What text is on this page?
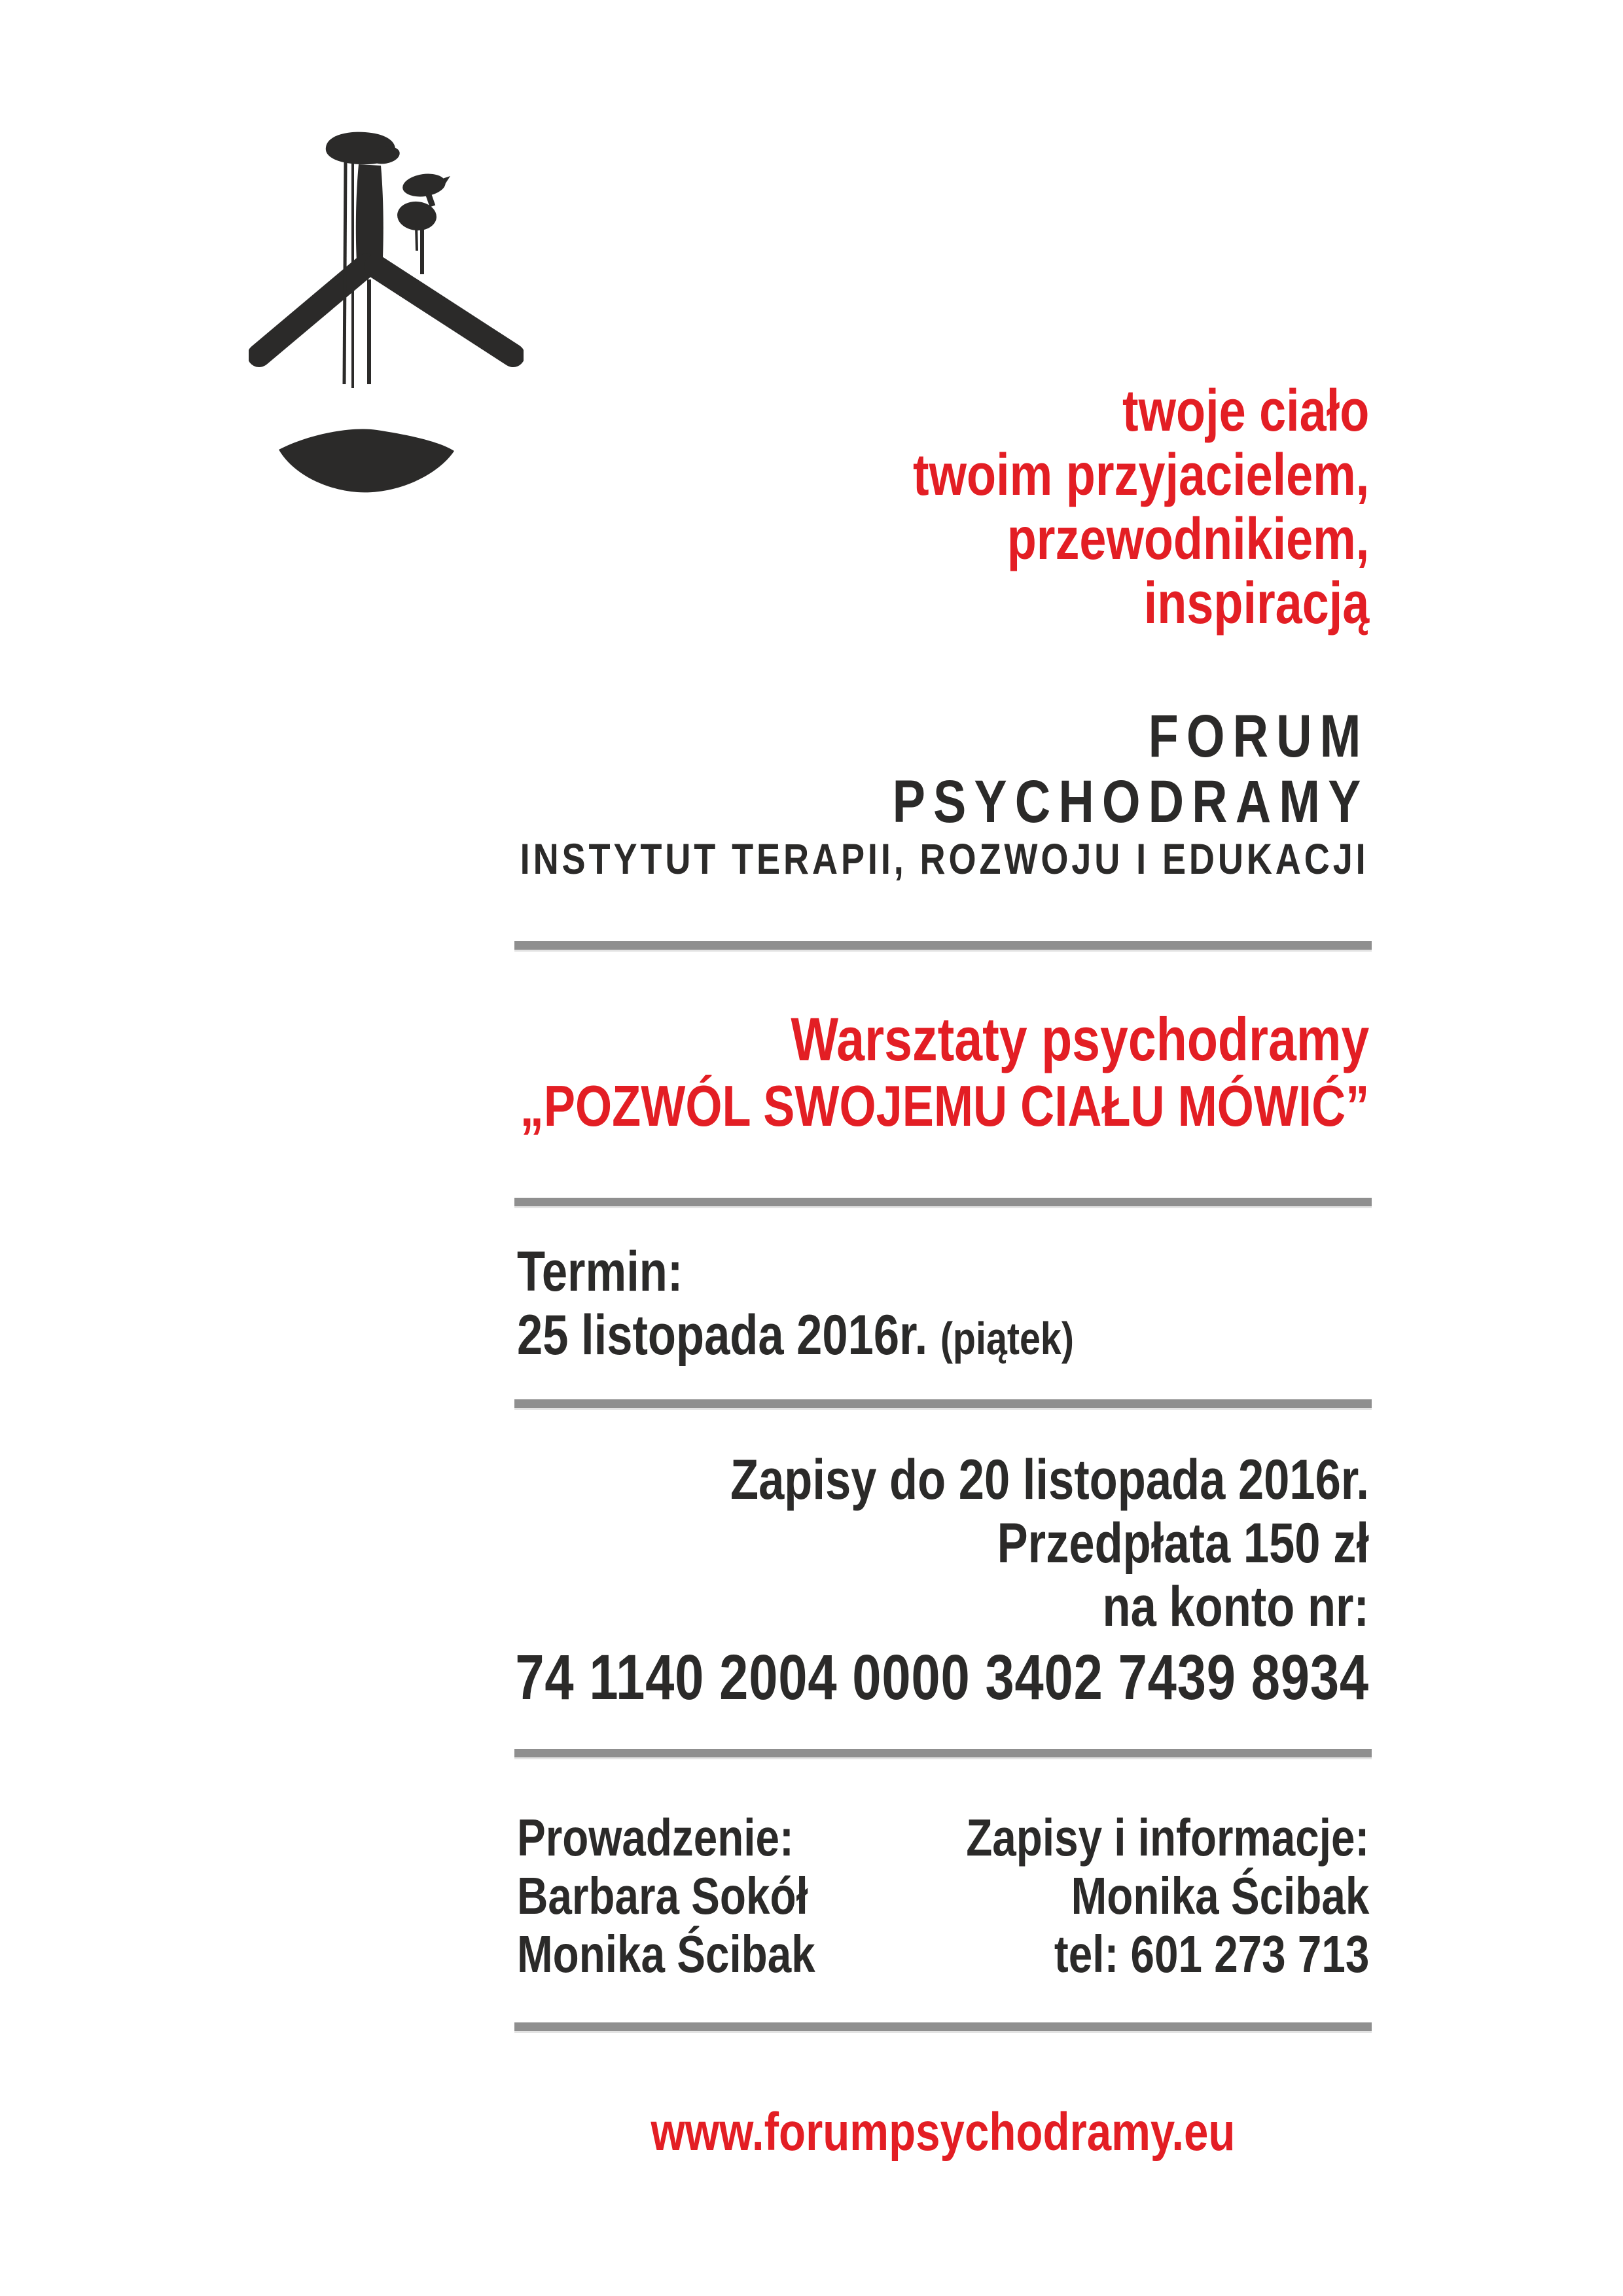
twoje ciało
twoim przyjacielem,
przewodnikiem,
inspiracją
FORUM
PSYCHODRAMY
INSTYTUT TERAPII, ROZWOJU I EDUKACJI
Warsztaty psychodramy
„POZWÓL SWOJEMU CIAŁU MÓWIĆ”
Termin:
25 listopada 2016r. (piątek)
Zapisy do 20 listopada 2016r.
Przedpłata 150 zł
na konto nr:
74 1140 2004 0000 3402 7439 8934
Prowadzenie:
Barbara Sokół
Monika Ścibak
Zapisy i informacje:
Monika Ścibak
tel: 601 273 713
www.forumpsychodramy.eu
